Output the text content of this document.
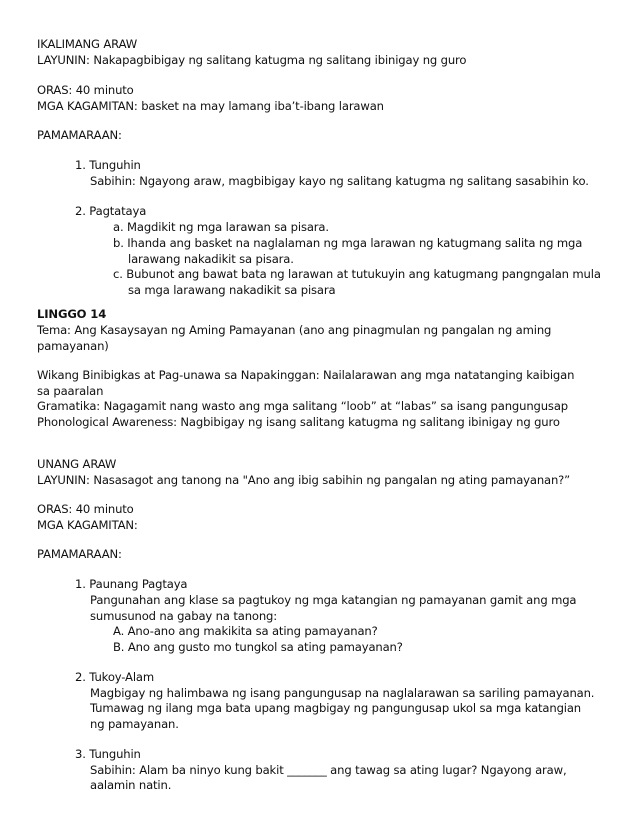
IKALIMANG ARAW
LAYUNIN: Nakapagbibigay ng salitang katugma ng salitang ibinigay ng guro
ORAS: 40 minuto
MGA KAGAMITAN: basket na may lamang iba’t-ibang larawan
PAMAMARAAN:
1. Tunguhin
Sabihin: Ngayong araw, magbibigay kayo ng salitang katugma ng salitang sasabihin ko.
2. Pagtataya
a. Magdikit ng mga larawan sa pisara.
b. Ihanda ang basket na naglalaman ng mga larawan ng katugmang salita ng mga
larawang nakadikit sa pisara.
c. Bubunot ang bawat bata ng larawan at tutukuyin ang katugmang pangngalan mula
sa mga larawang nakadikit sa pisara
LINGGO 14
Tema: Ang Kasaysayan ng Aming Pamayanan (ano ang pinagmulan ng pangalan ng aming
pamayanan)
Wikang Binibigkas at Pag-unawa sa Napakinggan: Nailalarawan ang mga natatanging kaibigan
sa paaralan
Gramatika: Nagagamit nang wasto ang mga salitang “loob” at “labas” sa isang pangungusap
Phonological Awareness: Nagbibigay ng isang salitang katugma ng salitang ibinigay ng guro
UNANG ARAW
LAYUNIN: Nasasagot ang tanong na "Ano ang ibig sabihin ng pangalan ng ating pamayanan?”
ORAS: 40 minuto
MGA KAGAMITAN:
PAMAMARAAN:
1. Paunang Pagtaya
Pangunahan ang klase sa pagtukoy ng mga katangian ng pamayanan gamit ang mga
sumusunod na gabay na tanong:
A. Ano-ano ang makikita sa ating pamayanan?
B. Ano ang gusto mo tungkol sa ating pamayanan?
2. Tukoy-Alam
Magbigay ng halimbawa ng isang pangungusap na naglalarawan sa sariling pamayanan.
Tumawag ng ilang mga bata upang magbigay ng pangungusap ukol sa mga katangian
ng pamayanan.
3. Tunguhin
Sabihin: Alam ba ninyo kung bakit _______ ang tawag sa ating lugar? Ngayong araw,
aalamin natin.
